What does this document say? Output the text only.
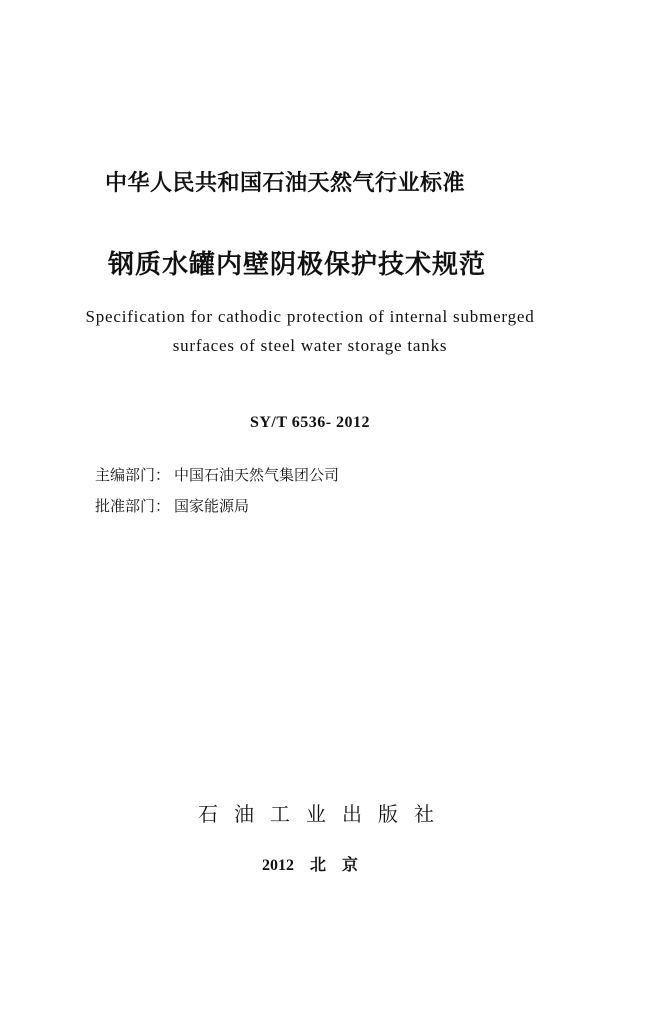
中华人民共和国石油天然气行业标准
钢质水罐内壁阴极保护技术规范
Specification for cathodic protection of internal submerged
surfaces of steel water storage tanks
SY/T 6536- 2012
主编部门： 中国石油天然气集团公司
批准部门： 国家能源局
石油工业出版社
2012 北　京
